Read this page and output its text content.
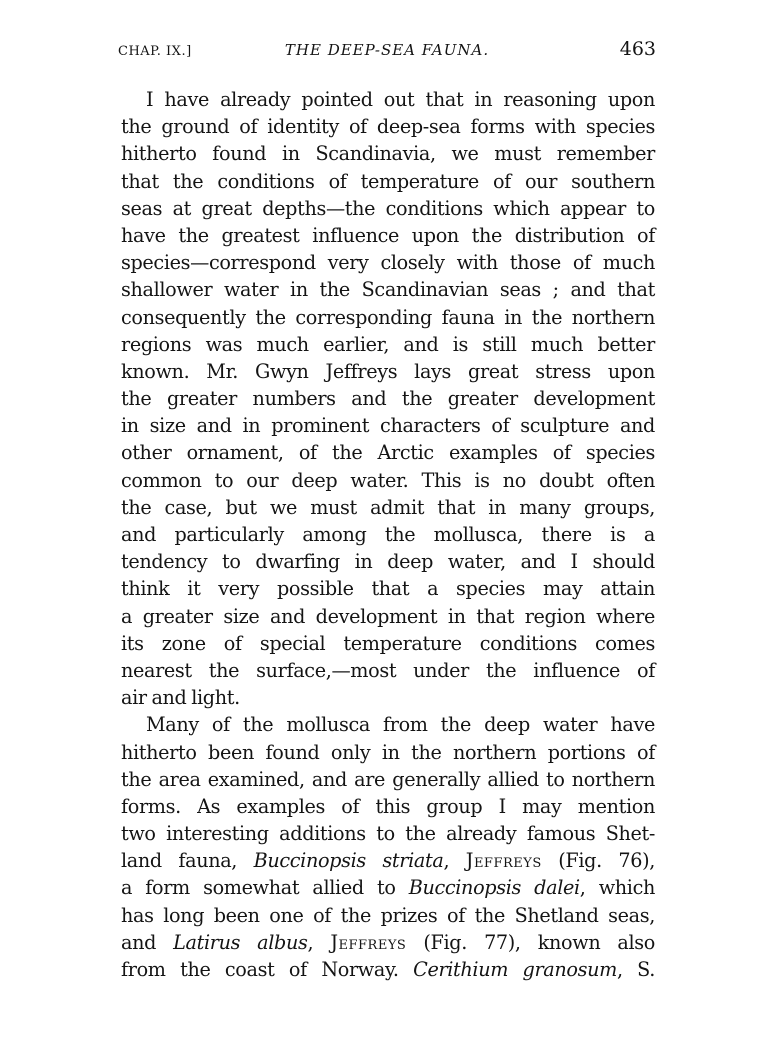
CHAP. IX.]	THE DEEP-SEA FAUNA.	463
I have already pointed out that in reasoning upon
the ground of identity of deep-sea forms with species
hitherto found in Scandinavia, we must remember
that the conditions of temperature of our southern
seas at great depths—the conditions which appear to
have the greatest influence upon the distribution of
species—correspond very closely with those of much
shallower water in the Scandinavian seas ; and that
consequently the corresponding fauna in the northern
regions was much earlier, and is still much better
known. Mr. Gwyn Jeffreys lays great stress upon
the greater numbers and the greater development
in size and in prominent characters of sculpture and
other ornament, of the Arctic examples of species
common to our deep water. This is no doubt often
the case, but we must admit that in many groups,
and particularly among the mollusca, there is a
tendency to dwarfing in deep water, and I should
think it very possible that a species may attain
a greater size and development in that region where
its zone of special temperature conditions comes
nearest the surface,—most under the influence of
air and light.
Many of the mollusca from the deep water have
hitherto been found only in the northern portions of
the area examined, and are generally allied to northern
forms. As examples of this group I may mention
two interesting additions to the already famous Shet-
land fauna, Buccinopsis striata, Jeffreys (Fig. 76),
a form somewhat allied to Buccinopsis dalei, which
has long been one of the prizes of the Shetland seas,
and Latirus albus, Jeffreys (Fig. 77), known also
from the coast of Norway. Cerithium granosum, S.
